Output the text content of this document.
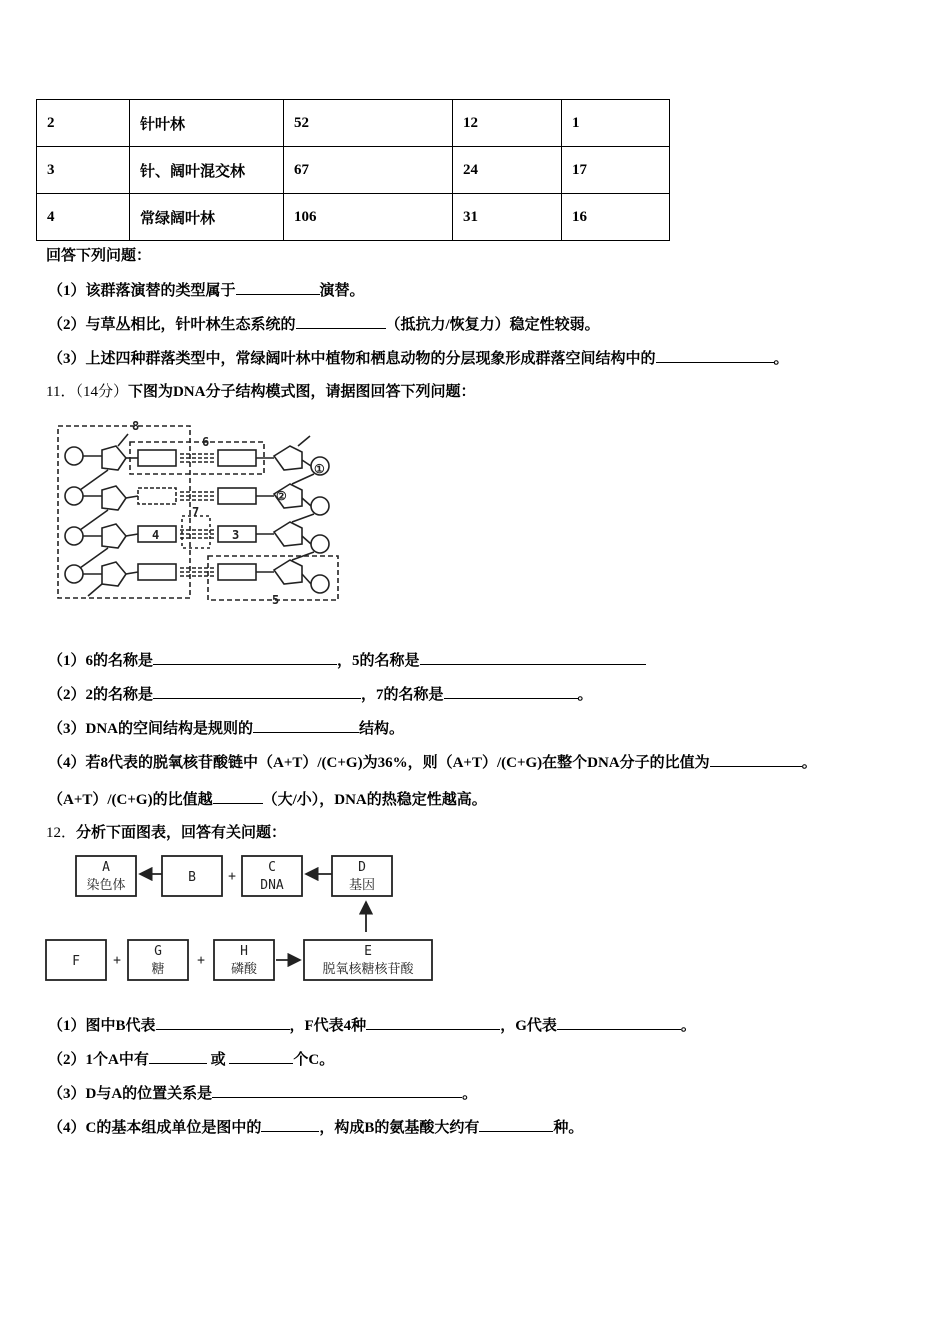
2	针叶林	52	12	1
3	针、阔叶混交林	67	24	17
4	常绿阔叶林	106	31	16
回答下列问题：
（1）该群落演替的类型属于	演替。
（2）与草丛相比，针叶林生态系统的	（抵抗力/恢复力）稳定性较弱。
（3）上述四种群落类型中，常绿阔叶林中植物和栖息动物的分层现象形成群落空间结构中的	。
11．（14分）下图为DNA分子结构模式图，请据图回答下列问题：
8
6
①
②
7
4	3
5
（1）6的名称是	，5的名称是
（2）2的名称是	，7的名称是	。
（3）DNA的空间结构是规则的	结构。
（4）若8代表的脱氧核苷酸链中（A+T）/(C+G)为36%，则（A+T）/(C+G)在整个DNA分子的比值为	。
（A+T）/(C+G)的比值越	（大/小），DNA的热稳定性越高。
12．分析下面图表，回答有关问题：
A
染色体
B
C
DNA
D
基因
F
G
糖
H
磷酸
E
脱氧核糖核苷酸
+
+	+
（1）图中B代表	，F代表4种	，G代表	。
（2）1个A中有	或	个C。
（3）D与A的位置关系是	。
（4）C的基本组成单位是图中的	，构成B的氨基酸大约有	种。
